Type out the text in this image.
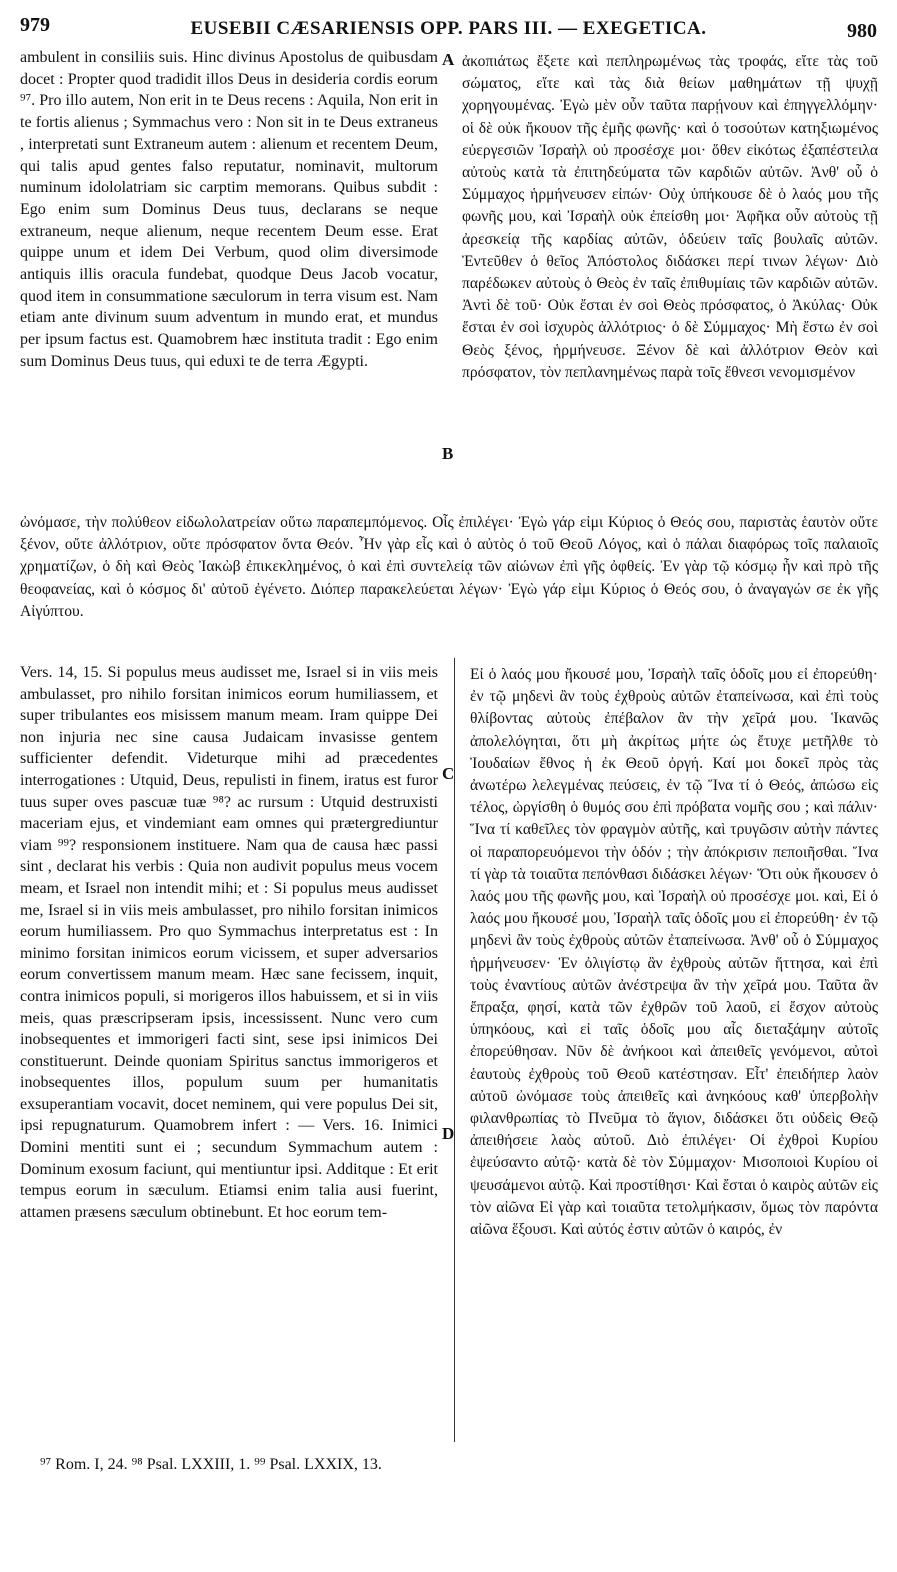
979	EUSEBII CÆSARIENSIS OPP. PARS III. — EXEGETICA.	980

ambulent in consiliis suis. Hinc divinus Apostolus de quibusdam docet : Propter quod tradidit illos Deus in desideria cordis eorum ⁹⁷. Pro illo autem, Non erit in te Deus recens : Aquila, Non erit in te fortis alienus ; Symmachus vero : Non sit in te Deus extraneus , interpretati sunt Extraneum autem : alienum et recentem Deum, qui talis apud gentes falso reputatur, nominavit, multorum numinum idololatriam sic carptim memorans. Quibus subdit : Ego enim sum Dominus Deus tuus, declarans se neque extraneum, neque alienum, neque recentem Deum esse. Erat quippe unum et idem Dei Verbum, quod olim diversimode antiquis illis oracula fundebat, quodque Deus Jacob vocatur, quod item in consummatione sæculorum in terra visum est. Nam etiam ante divinum suum adventum in mundo erat, et mundus per ipsum factus est. Quamobrem hæc instituta tradit : Ego enim sum Dominus Deus tuus, qui eduxi te de terra Ægypti.

ἀκοπιάτως ἔξετε καὶ πεπληρωμένως τὰς τροφάς, εἴτε τὰς τοῦ σώματος, εἴτε καὶ τὰς διὰ θείων μαθημάτων τῇ ψυχῇ χορηγουμένας. Ἐγὼ μὲν οὖν ταῦτα παρῄνουν καὶ ἐπηγγελλόμην· οἱ δὲ οὐκ ἤκουον τῆς ἐμῆς φωνῆς· καὶ ὁ τοσούτων κατηξιωμένος εὐεργεσιῶν Ἰσραὴλ οὐ προσέσχε μοι· ὅθεν εἰκότως ἐξαπέστειλα αὐτοὺς κατὰ τὰ ἐπιτηδεύματα τῶν καρδιῶν αὐτῶν. Ἀνθ' οὗ ὁ Σύμμαχος ἡρμήνευσεν εἰπών· Οὐχ ὑπήκουσε δὲ ὁ λαός μου τῆς φωνῆς μου, καὶ Ἰσραὴλ οὐκ ἐπείσθη μοι· Ἀφῆκα οὖν αὐτοὺς τῇ ἀρεσκείᾳ τῆς καρδίας αὐτῶν, ὁδεύειν ταῖς βουλαῖς αὐτῶν. Ἐντεῦθεν ὁ θεῖος Ἀπόστολος διδάσκει περί τινων λέγων· Διὸ παρέδωκεν αὐτοὺς ὁ Θεὸς ἐν ταῖς ἐπιθυμίαις τῶν καρδιῶν αὐτῶν. Ἀντὶ δὲ τοῦ· Οὐκ ἔσται ἐν σοὶ Θεὸς πρόσφατος, ὁ Ἀκύλας· Οὐκ ἔσται ἐν σοὶ ἰσχυρὸς ἀλλότριος· ὁ δὲ Σύμμαχος· Μὴ ἔστω ἐν σοὶ Θεὸς ξένος, ἡρμήνευσε. Ξένον δὲ καὶ ἀλλότριον Θεὸν καὶ πρόσφατον, τὸν πεπλανημένως παρὰ τοῖς ἔθνεσι νενομισμένον

A
B
C
D

ὠνόμασε, τὴν πολύθεον εἰδωλολατρείαν οὕτω παραπεμπόμενος. Οἷς ἐπιλέγει· Ἐγὼ γάρ εἰμι Κύριος ὁ Θεός σου, παριστὰς ἑαυτὸν οὔτε ξένον, οὔτε ἀλλότριον, οὔτε πρόσφατον ὄντα Θεόν. Ἦν γὰρ εἷς καὶ ὁ αὐτὸς ὁ τοῦ Θεοῦ Λόγος, καὶ ὁ πάλαι διαφόρως τοῖς παλαιοῖς χρηματίζων, ὁ δὴ καὶ Θεὸς Ἰακὼβ ἐπικεκλημένος, ὁ καὶ ἐπὶ συντελείᾳ τῶν αἰώνων ἐπὶ γῆς ὀφθείς. Ἐν γὰρ τῷ κόσμῳ ἦν καὶ πρὸ τῆς θεοφανείας, καὶ ὁ κόσμος δι' αὐτοῦ ἐγένετο. Διόπερ παρακελεύεται λέγων· Ἐγὼ γάρ εἰμι Κύριος ὁ Θεός σου, ὁ ἀναγαγών σε ἐκ γῆς Αἰγύπτου.

Vers. 14, 15. Si populus meus audisset me, Israel si in viis meis ambulasset, pro nihilo forsitan inimicos eorum humiliassem, et super tribulantes eos misissem manum meam. Iram quippe Dei non injuria nec sine causa Judaicam invasisse gentem sufficienter defendit. Videturque mihi ad præcedentes interrogationes : Utquid, Deus, repulisti in finem, iratus est furor tuus super oves pascuæ tuæ ⁹⁸? ac rursum : Utquid destruxisti maceriam ejus, et vindemiant eam omnes qui prætergrediuntur viam ⁹⁹? responsionem instituere. Nam qua de causa hæc passi sint , declarat his verbis : Quia non audivit populus meus vocem meam, et Israel non intendit mihi; et : Si populus meus audisset me, Israel si in viis meis ambulasset, pro nihilo forsitan inimicos eorum humiliassem. Pro quo Symmachus interpretatus est : In minimo forsitan inimicos eorum vicissem, et super adversarios eorum convertissem manum meam. Hæc sane fecissem, inquit, contra inimicos populi, si morigeros illos habuissem, et si in viis meis, quas præscripseram ipsis, incessissent. Nunc vero cum inobsequentes et immorigeri facti sint, sese ipsi inimicos Dei constituerunt. Deinde quoniam Spiritus sanctus immorigeros et inobsequentes illos, populum suum per humanitatis exsuperantiam vocavit, docet neminem, qui vere populus Dei sit, ipsi repugnaturum. Quamobrem infert : — Vers. 16. Inimici Domini mentiti sunt ei ; secundum Symmachum autem : Dominum exosum faciunt, qui mentiuntur ipsi. Additque : Et erit tempus eorum in sæculum. Etiamsi enim talia ausi fuerint, attamen præsens sæculum obtinebunt. Et hoc eorum tem-

Εἰ ὁ λαός μου ἤκουσέ μου, Ἰσραὴλ ταῖς ὁδοῖς μου εἰ ἐπορεύθη· ἐν τῷ μηδενὶ ἂν τοὺς ἐχθροὺς αὐτῶν ἐταπείνωσα, καὶ ἐπὶ τοὺς θλίβοντας αὐτοὺς ἐπέβαλον ἂν τὴν χεῖρά μου. Ἱκανῶς ἀπολελόγηται, ὅτι μὴ ἀκρίτως μήτε ὡς ἔτυχε μετῆλθε τὸ Ἰουδαίων ἔθνος ἡ ἐκ Θεοῦ ὀργή. Καί μοι δοκεῖ πρὸς τὰς ἀνωτέρω λελεγμένας πεύσεις, ἐν τῷ Ἵνα τί ὁ Θεός, ἀπώσω εἰς τέλος, ὠργίσθη ὁ θυμός σου ἐπὶ πρόβατα νομῆς σου ; καὶ πάλιν· Ἵνα τί καθεῖλες τὸν φραγμὸν αὐτῆς, καὶ τρυγῶσιν αὐτὴν πάντες οἱ παραπορευόμενοι τὴν ὁδόν ; τὴν ἀπόκρισιν πεποιῆσθαι. Ἵνα τί γὰρ τὰ τοιαῦτα πεπόνθασι διδάσκει λέγων· Ὅτι οὐκ ἤκουσεν ὁ λαός μου τῆς φωνῆς μου, καὶ Ἰσραὴλ οὐ προσέσχε μοι. καὶ, Εἰ ὁ λαός μου ἤκουσέ μου, Ἰσραὴλ ταῖς ὁδοῖς μου εἰ ἐπορεύθη· ἐν τῷ μηδενὶ ἂν τοὺς ἐχθροὺς αὐτῶν ἐταπείνωσα. Ἀνθ' οὗ ὁ Σύμμαχος ἡρμήνευσεν· Ἐν ὀλιγίστῳ ἂν ἐχθροὺς αὐτῶν ἥττησα, καὶ ἐπὶ τοὺς ἐναντίους αὐτῶν ἀνέστρεψα ἂν τὴν χεῖρά μου. Ταῦτα ἂν ἔπραξα, φησί, κατὰ τῶν ἐχθρῶν τοῦ λαοῦ, εἰ ἔσχον αὐτοὺς ὑπηκόους, καὶ εἰ ταῖς ὁδοῖς μου αἷς διεταξάμην αὐτοῖς ἐπορεύθησαν. Νῦν δὲ ἀνήκοοι καὶ ἀπειθεῖς γενόμενοι, αὐτοὶ ἑαυτοὺς ἐχθροὺς τοῦ Θεοῦ κατέστησαν. Εἶτ' ἐπειδήπερ λαὸν αὐτοῦ ὠνόμασε τοὺς ἀπειθεῖς καὶ ἀνηκόους καθ' ὑπερβολὴν φιλανθρωπίας τὸ Πνεῦμα τὸ ἅγιον, διδάσκει ὅτι οὐδεὶς Θεῷ ἀπειθήσειε λαὸς αὐτοῦ. Διὸ ἐπιλέγει· Οἱ ἐχθροὶ Κυρίου ἐψεύσαντο αὐτῷ· κατὰ δὲ τὸν Σύμμαχον· Μισοποιοὶ Κυρίου οἱ ψευσάμενοι αὐτῷ. Καὶ προστίθησι· Καὶ ἔσται ὁ καιρὸς αὐτῶν εἰς τὸν αἰῶνα Εἰ γὰρ καὶ τοιαῦτα τετολμήκασιν, ὅμως τὸν παρόντα αἰῶνα ἕξουσι. Καὶ αὐτός ἐστιν αὐτῶν ὁ καιρός, ἐν

⁹⁷ Rom. I, 24. ⁹⁸ Psal. LXXIII, 1. ⁹⁹ Psal. LXXIX, 13.
